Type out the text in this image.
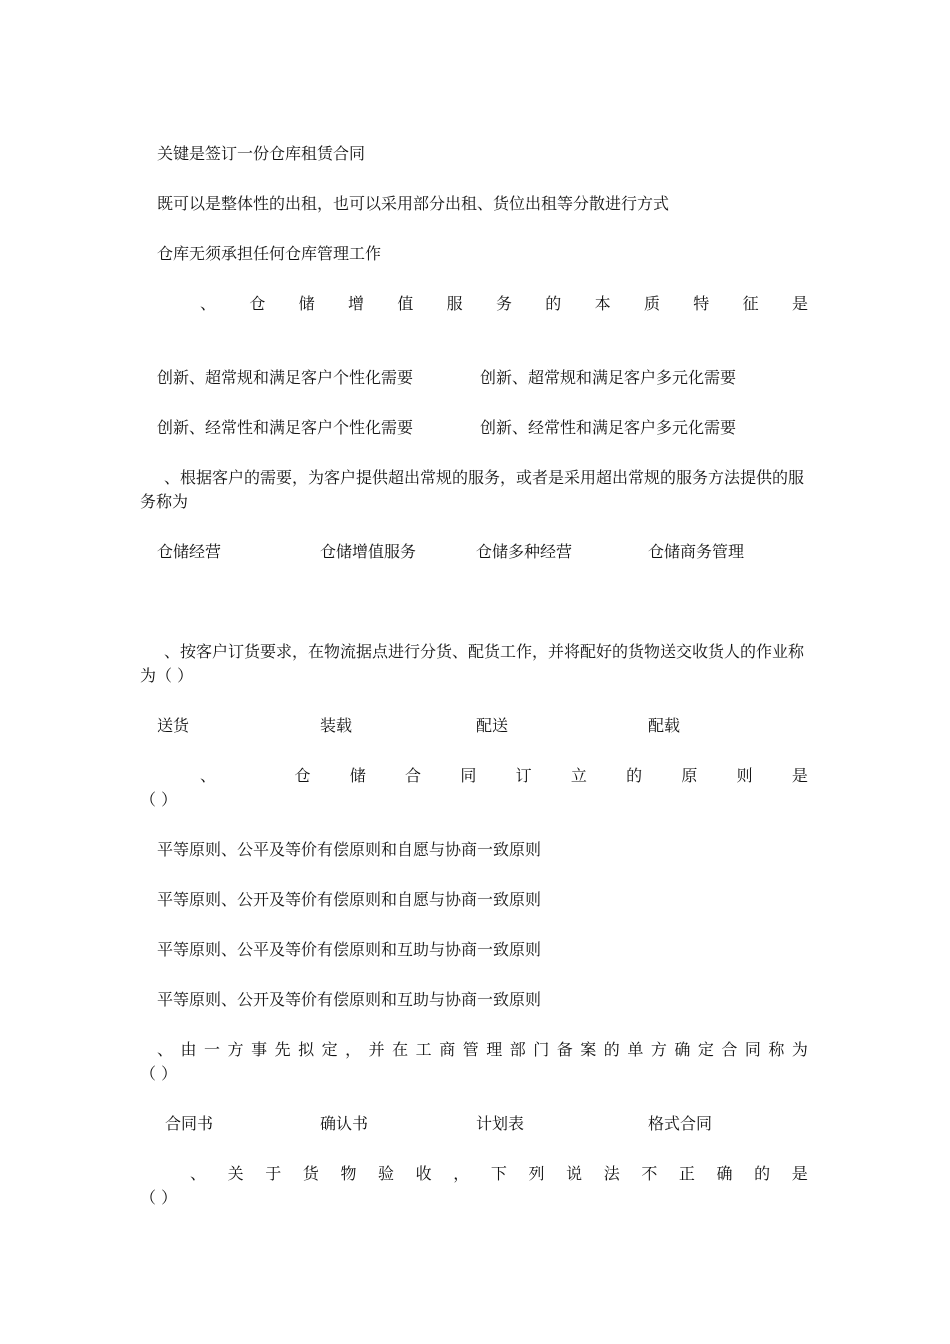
关键是签订一份仓库租赁合同

既可以是整体性的出租，也可以采用部分出租、货位出租等分散进行方式

仓库无须承担任何仓库管理工作

、 仓 储 增 值 服 务 的 本 质 特 征 是

创新、超常规和满足客户个性化需要	创新、超常规和满足客户多元化需要

创新、经常性和满足客户个性化需要	创新、经常性和满足客户多元化需要

、根据客户的需要，为客户提供超出常规的服务，或者是采用超出常规的服务方法提供的服务称为

仓储经营	仓储增值服务	仓储多种经营	仓储商务管理

、按客户订货要求，在物流据点进行分货、配货工作，并将配好的货物送交收货人的作业称为（ ）

送货	装载	配送	配载

、	仓 储 合 同 订 立 的 原 则 是

（ ）

平等原则、公平及等价有偿原则和自愿与协商一致原则

平等原则、公开及等价有偿原则和自愿与协商一致原则

平等原则、公平及等价有偿原则和互助与协商一致原则

平等原则、公开及等价有偿原则和互助与协商一致原则

、 由 一 方 事 先 拟 定 ， 并 在 工 商 管 理 部 门 备 案 的 单 方 确 定 合 同 称 为

（ ）

合同书	确认书	计划表	格式合同

、 关 于 货 物 验 收 ， 下 列 说 法 不 正 确 的 是

（ ）
